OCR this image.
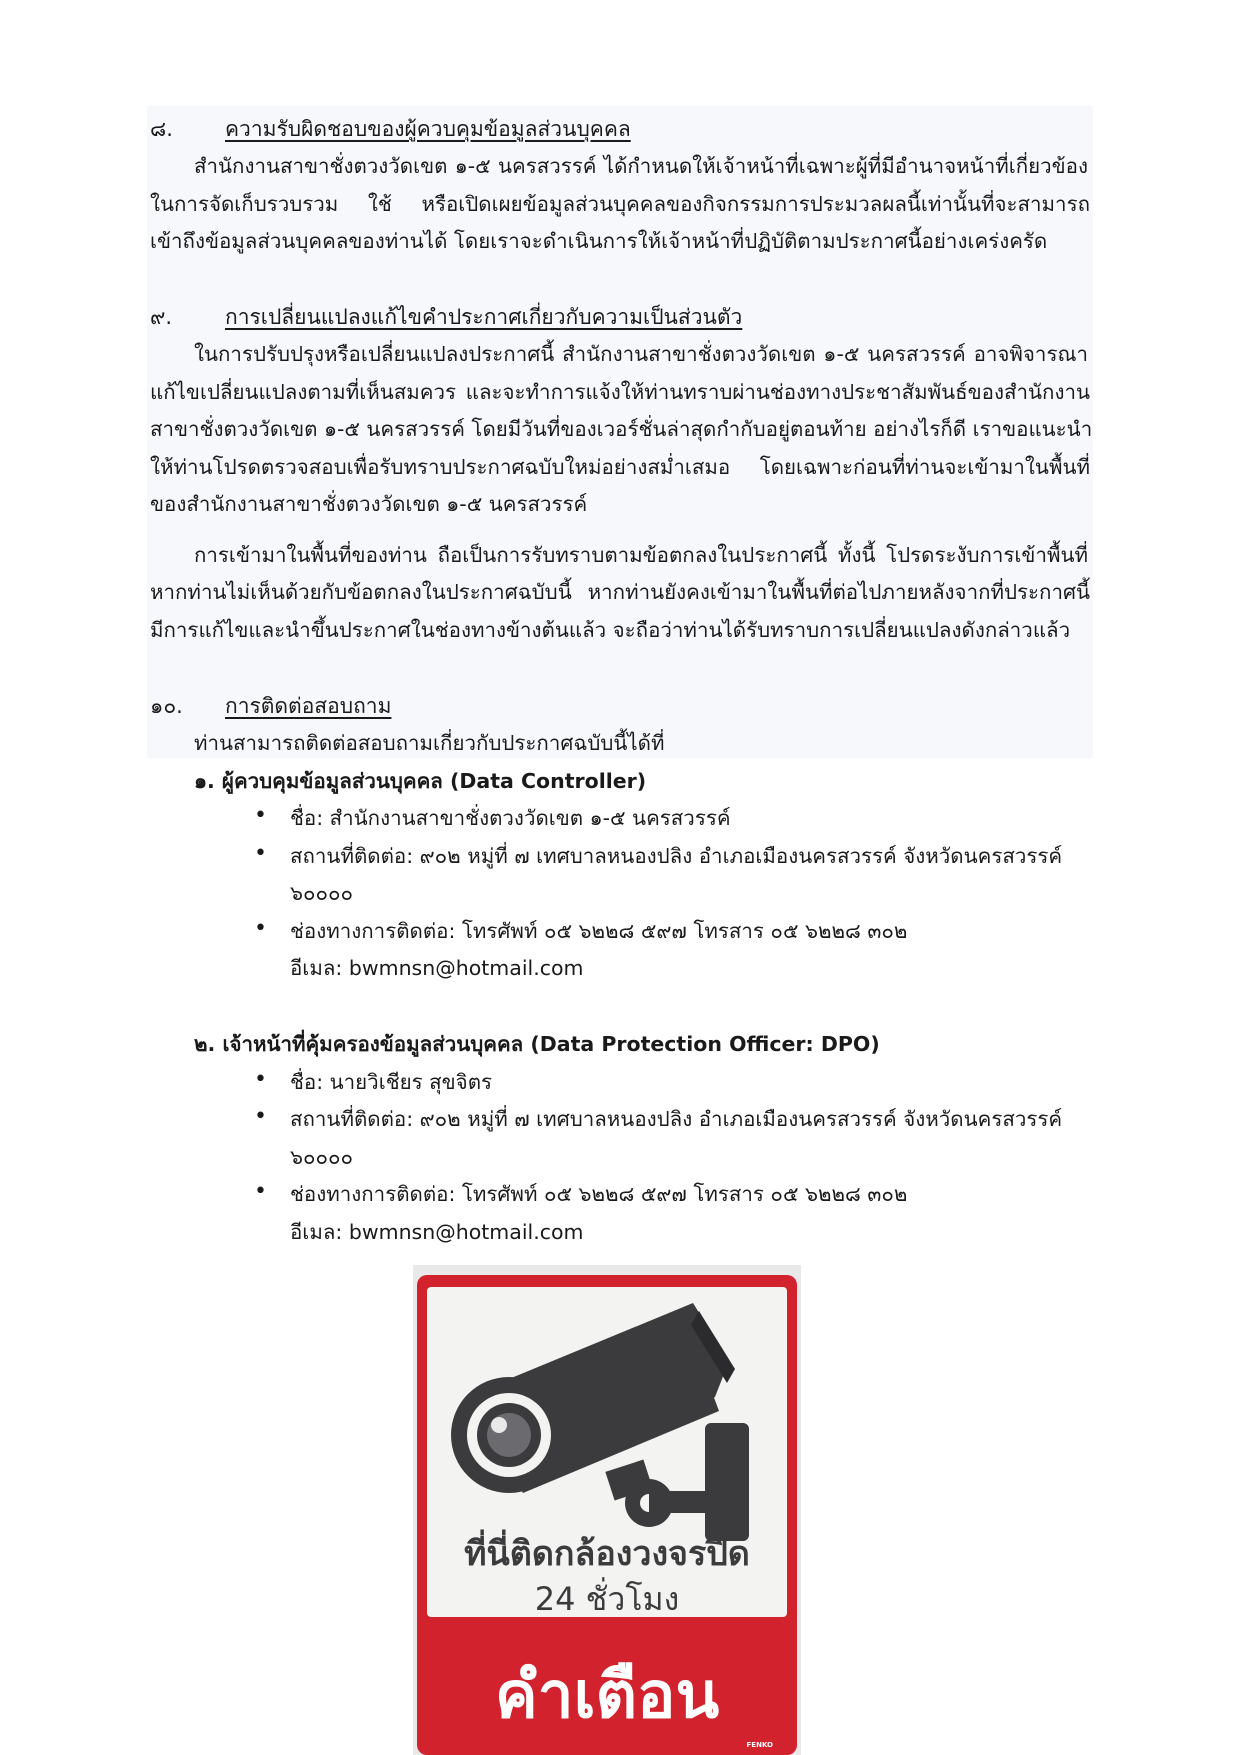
๘. ความรับผิดชอบของผู้ควบคุมข้อมูลส่วนบุคคล
สำนักงานสาขาชั่งตวงวัดเขต ๑-๕ นครสวรรค์ ได้กำหนดให้เจ้าหน้าที่เฉพาะผู้ที่มีอำนาจหน้าที่เกี่ยวข้อง
ในการจัดเก็บรวบรวม ใช้ หรือเปิดเผยข้อมูลส่วนบุคคลของกิจกรรมการประมวลผลนี้เท่านั้นที่จะสามารถ
เข้าถึงข้อมูลส่วนบุคคลของท่านได้ โดยเราจะดำเนินการให้เจ้าหน้าที่ปฏิบัติตามประกาศนี้อย่างเคร่งครัด
๙.	การเปลี่ยนแปลงแก้ไขคำประกาศเกี่ยวกับความเป็นส่วนตัว
ในการปรับปรุงหรือเปลี่ยนแปลงประกาศนี้ สำนักงานสาขาชั่งตวงวัดเขต ๑-๕ นครสวรรค์ อาจพิจารณา
แก้ไขเปลี่ยนแปลงตามที่เห็นสมควร และจะทำการแจ้งให้ท่านทราบผ่านช่องทางประชาสัมพันธ์ของสำนักงาน
สาขาชั่งตวงวัดเขต ๑-๕ นครสวรรค์ โดยมีวันที่ของเวอร์ชั่นล่าสุดกำกับอยู่ตอนท้าย อย่างไรก็ดี เราขอแนะนำ
ให้ท่านโปรดตรวจสอบเพื่อรับทราบประกาศฉบับใหม่อย่างสม่ำเสมอ โดยเฉพาะก่อนที่ท่านจะเข้ามาในพื้นที่
ของสำนักงานสาขาชั่งตวงวัดเขต ๑-๕ นครสวรรค์
การเข้ามาในพื้นที่ของท่าน ถือเป็นการรับทราบตามข้อตกลงในประกาศนี้ ทั้งนี้ โปรดระงับการเข้าพื้นที่
หากท่านไม่เห็นด้วยกับข้อตกลงในประกาศฉบับนี้ หากท่านยังคงเข้ามาในพื้นที่ต่อไปภายหลังจากที่ประกาศนี้
มีการแก้ไขและนำขึ้นประกาศในช่องทางข้างต้นแล้ว จะถือว่าท่านได้รับทราบการเปลี่ยนแปลงดังกล่าวแล้ว
๑๐. การติดต่อสอบถาม
ท่านสามารถติดต่อสอบถามเกี่ยวกับประกาศฉบับนี้ได้ที่
๑. ผู้ควบคุมข้อมูลส่วนบุคคล (Data Controller)
• ชื่อ: สำนักงานสาขาชั่งตวงวัดเขต ๑-๕ นครสวรรค์
• สถานที่ติดต่อ: ๙๐๒ หมู่ที่ ๗ เทศบาลหนองปลิง อำเภอเมืองนครสวรรค์ จังหวัดนครสวรรค์
๖๐๐๐๐
• ช่องทางการติดต่อ: โทรศัพท์ ๐๕ ๖๒๒๘ ๕๙๗ โทรสาร ๐๕ ๖๒๒๘ ๓๐๒
อีเมล: bwmnsn@hotmail.com
๒. เจ้าหน้าที่คุ้มครองข้อมูลส่วนบุคคล (Data Protection Officer: DPO)
• ชื่อ: นายวิเชียร สุขจิตร
• สถานที่ติดต่อ: ๙๐๒ หมู่ที่ ๗ เทศบาลหนองปลิง อำเภอเมืองนครสวรรค์ จังหวัดนครสวรรค์
๖๐๐๐๐
• ช่องทางการติดต่อ: โทรศัพท์ ๐๕ ๖๒๒๘ ๕๙๗ โทรสาร ๐๕ ๖๒๒๘ ๓๐๒
อีเมล: bwmnsn@hotmail.com
ที่นี่ติดกล้องวงจรปิด
24 ชั่วโมง
คำเตือน
FENKO
